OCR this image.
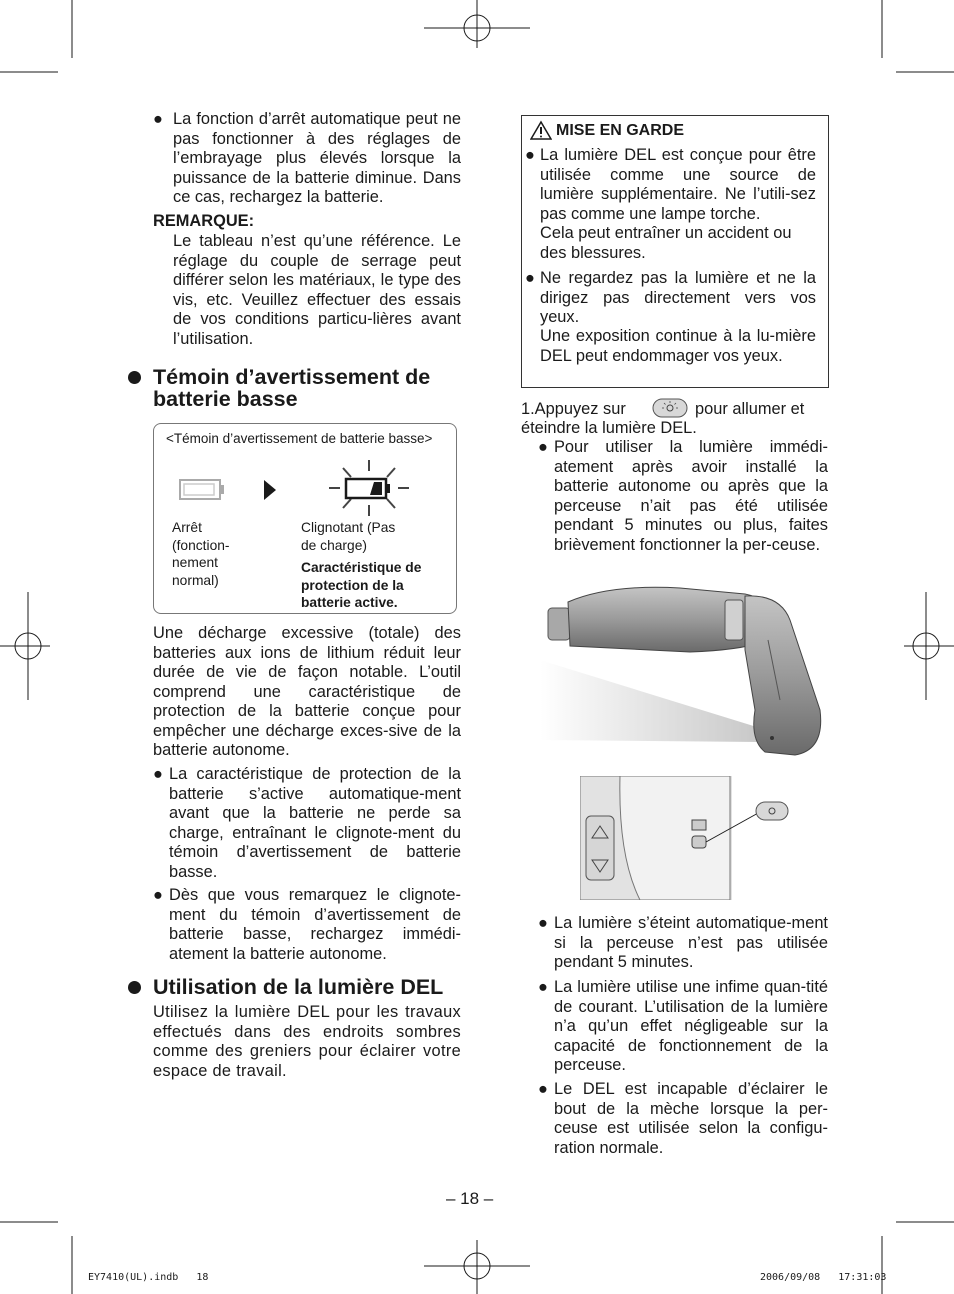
● La fonction d’arrêt automatique peut ne pas fonctionner à des réglages de l’embrayage plus élevés lorsque la puissance de la batterie diminue. Dans ce cas, rechargez la batterie.
REMARQUE:
Le tableau n’est qu’une référence. Le réglage du couple de serrage peut différer selon les matériaux, le type des vis, etc. Veuillez effectuer des essais de vos conditions particu-lières avant l’utilisation.
Témoin d’avertissement de batterie basse
<Témoin d’avertissement de batterie basse>
Arrêt (fonction-nement normal)
Clignotant (Pas de charge)
Caractéristique de protection de la batterie active.
Une décharge excessive (totale) des batteries aux ions de lithium réduit leur durée de vie de façon notable. L’outil comprend une caractéristique de protection de la batterie conçue pour empêcher une décharge exces-sive de la batterie autonome.
● La caractéristique de protection de la batterie s’active automatique-ment avant que la batterie ne perde sa charge, entraînant le clignote-ment du témoin d’avertissement de batterie basse.
● Dès que vous remarquez le clignote-ment du témoin d’avertissement de batterie basse, rechargez immédi-atement la batterie autonome.
Utilisation de la lumière DEL
Utilisez la lumière DEL pour les travaux effectués dans des endroits sombres comme des greniers pour éclairer votre espace de travail.
MISE EN GARDE
● La lumière DEL est conçue pour être utilisée comme une source de lumière supplémentaire. Ne l’utili-sez pas comme une lampe torche.
Cela peut entraîner un accident ou des blessures.
● Ne regardez pas la lumière et ne la dirigez pas directement vers vos yeux.
Une exposition continue à la lu-mière DEL peut endommager vos yeux.
1.Appuyez sur	pour allumer et
éteindre la lumière DEL.
● Pour utiliser la lumière immédi-atement après avoir installé la batterie autonome ou après que la perceuse n’ait pas été utilisée pendant 5 minutes ou plus, faites brièvement fonctionner la per-ceuse.
● La lumière s’éteint automatique-ment si la perceuse n’est pas utilisée pendant 5 minutes.
● La lumière utilise une infime quan-tité de courant. L’utilisation de la lumière n’a qu’un effet négligeable sur la capacité de fonctionnement de la perceuse.
● Le DEL est incapable d’éclairer le bout de la mèche lorsque la per-ceuse est utilisée selon la configu-ration normale.
– 18 –
EY7410(UL).indb   18	2006/09/08   17:31:03
